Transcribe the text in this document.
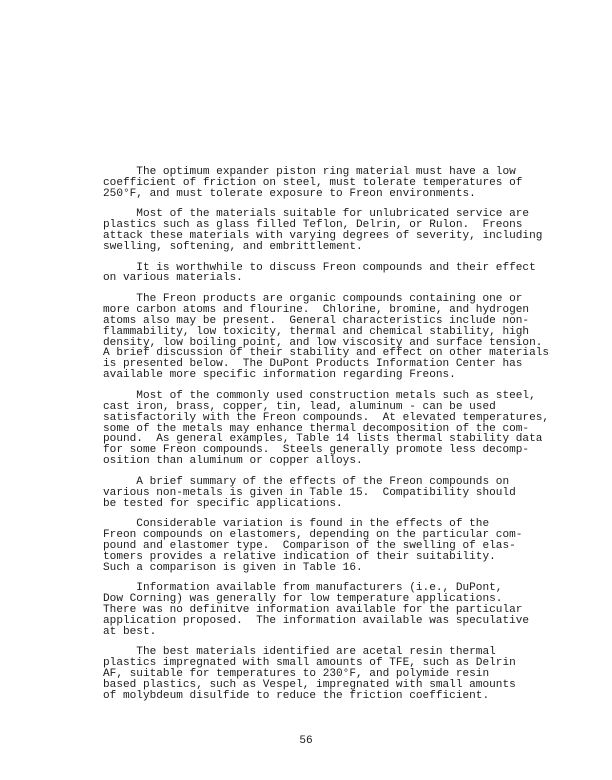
The optimum expander piston ring material must have a low
coefficient of friction on steel, must tolerate temperatures of
250°F, and must tolerate exposure to Freon environments.
Most of the materials suitable for unlubricated service are
plastics such as glass filled Teflon, Delrin, or Rulon.  Freons
attack these materials with varying degrees of severity, including
swelling, softening, and embrittlement.
It is worthwhile to discuss Freon compounds and their effect
on various materials.
The Freon products are organic compounds containing one or
more carbon atoms and flourine.  Chlorine, bromine, and hydrogen
atoms also may be present.  General characteristics include non-
flammability, low toxicity, thermal and chemical stability, high
density, low boiling point, and low viscosity and surface tension.
A brief discussion of their stability and effect on other materials
is presented below.  The DuPont Products Information Center has
available more specific information regarding Freons.
Most of the commonly used construction metals such as steel,
cast iron, brass, copper, tin, lead, aluminum - can be used
satisfactorily with the Freon compounds.  At elevated temperatures,
some of the metals may enhance thermal decomposition of the com-
pound.  As general examples, Table 14 lists thermal stability data
for some Freon compounds.  Steels generally promote less decomp-
osition than aluminum or copper alloys.
A brief summary of the effects of the Freon compounds on
various non-metals is given in Table 15.  Compatibility should
be tested for specific applications.
Considerable variation is found in the effects of the
Freon compounds on elastomers, depending on the particular com-
pound and elastomer type.  Comparison of the swelling of elas-
tomers provides a relative indication of their suitability.
Such a comparison is given in Table 16.
Information available from manufacturers (i.e., DuPont,
Dow Corning) was generally for low temperature applications.
There was no definitve information available for the particular
application proposed.  The information available was speculative
at best.
The best materials identified are acetal resin thermal
plastics impregnated with small amounts of TFE, such as Delrin
AF, suitable for temperatures to 230°F, and polymide resin
based plastics, such as Vespel, impregnated with small amounts
of molybdeum disulfide to reduce the friction coefficient.
56
